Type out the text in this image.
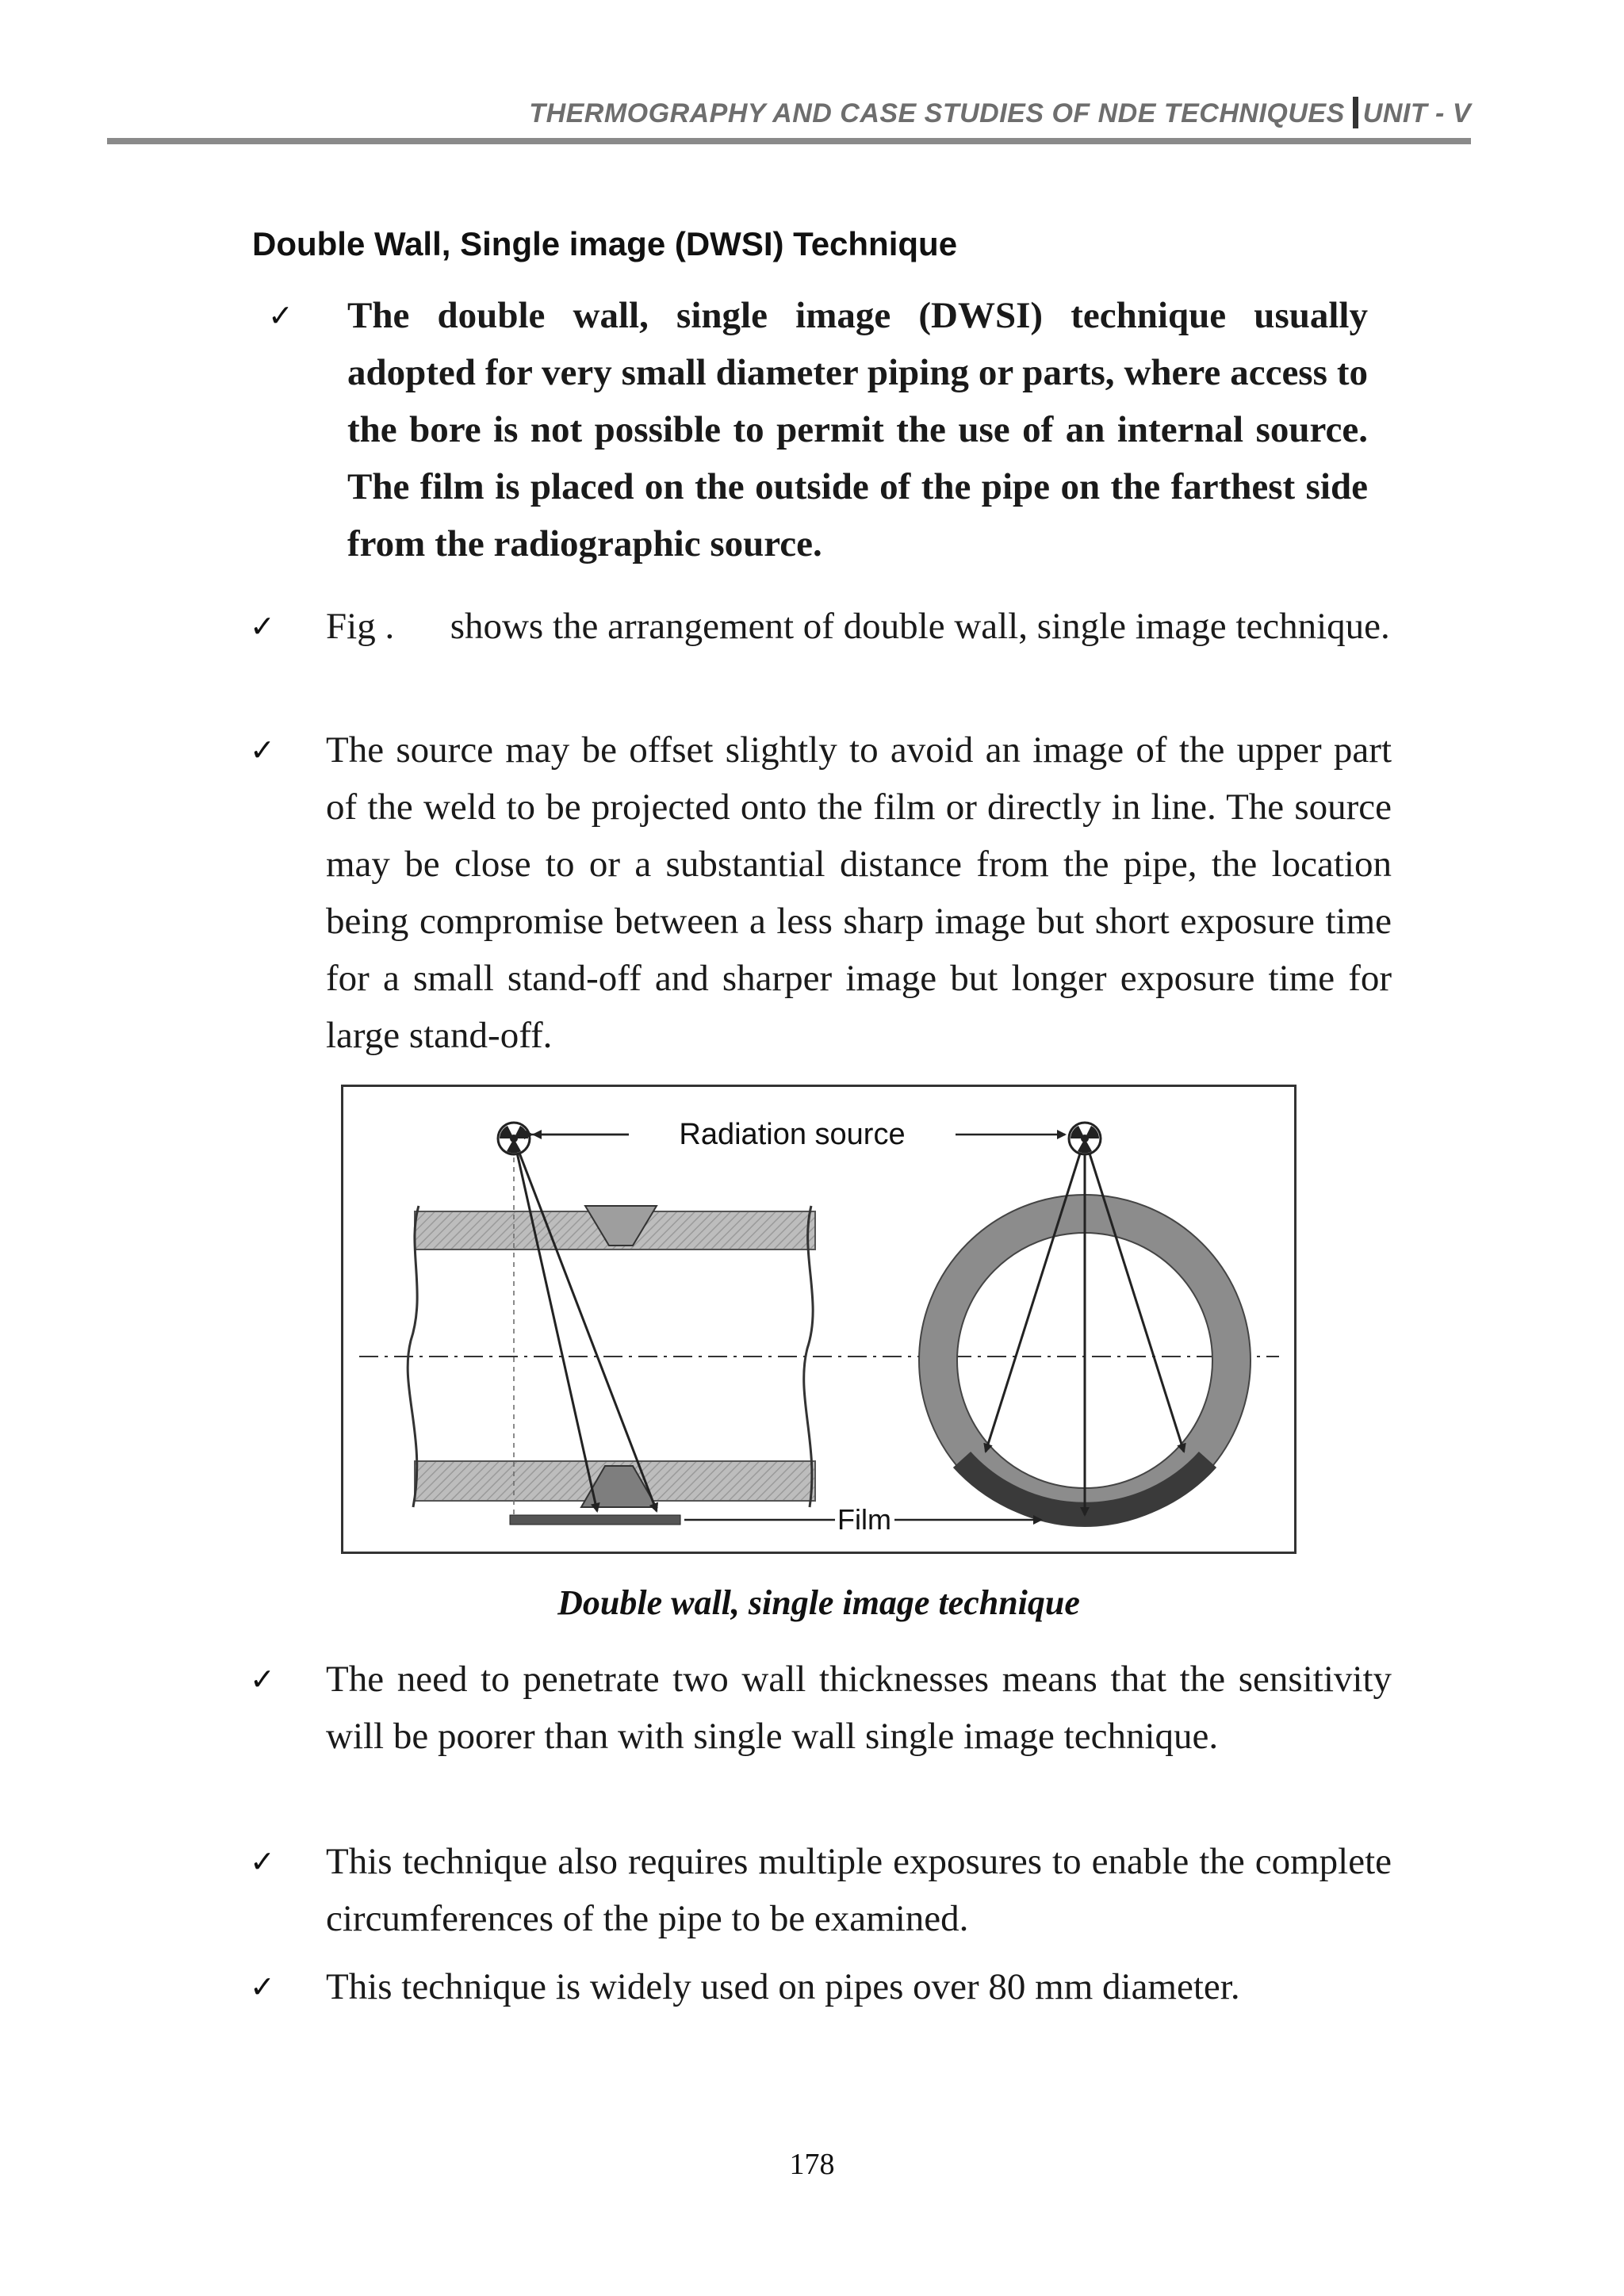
THERMOGRAPHY AND CASE STUDIES OF NDE TECHNIQUES UNIT - V
Double Wall, Single image (DWSI) Technique
✓ The double wall, single image (DWSI) technique usually adopted for very small diameter piping or parts, where access to the bore is not possible to permit the use of an internal source. The film is placed on the outside of the pipe on the farthest side from the radiographic source.
✓ Fig .      shows the arrangement of double wall, single image technique.
✓ The source may be offset slightly to avoid an image of the upper part of the weld to be projected onto the film or directly in line. The source may be close to or a substantial distance from the pipe, the location being compromise between a less sharp image but short exposure time for a small stand-off and sharper image but longer exposure time for large stand-off.
Radiation source
Film
Double wall, single image technique
✓ The need to penetrate two wall thicknesses means that the sensitivity will be poorer than with single wall single image technique.
✓ This technique also requires multiple exposures to enable the complete circumferences of the pipe to be examined.
✓ This technique is widely used on pipes over 80 mm diameter.
178
